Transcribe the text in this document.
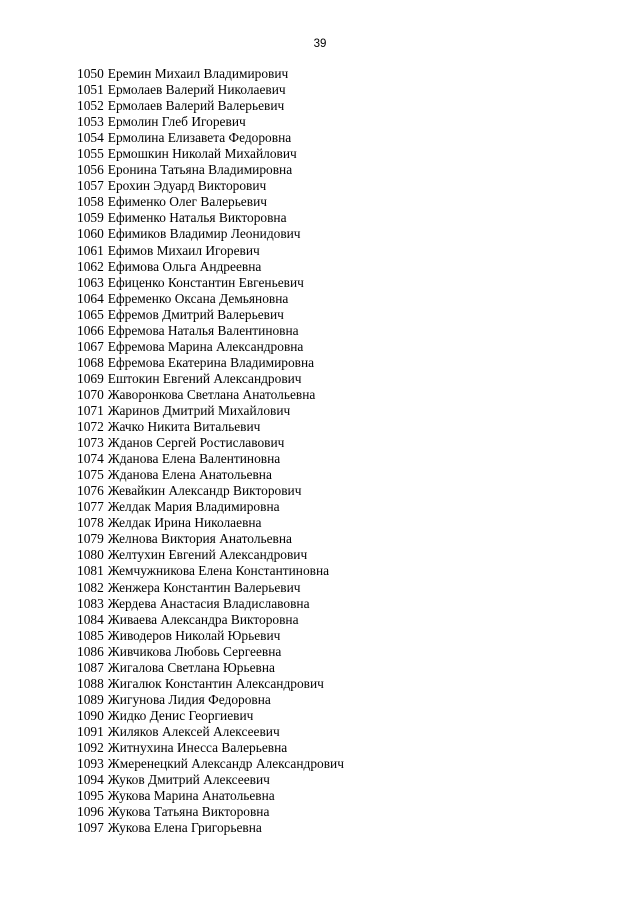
39
1050 Еремин Михаил Владимирович
1051 Ермолаев Валерий Николаевич
1052 Ермолаев Валерий Валерьевич
1053 Ермолин Глеб Игоревич
1054 Ермолина Елизавета Федоровна
1055 Ермошкин Николай Михайлович
1056 Еронина Татьяна Владимировна
1057 Ерохин Эдуард Викторович
1058 Ефименко Олег Валерьевич
1059 Ефименко Наталья Викторовна
1060 Ефимиков Владимир Леонидович
1061 Ефимов Михаил Игоревич
1062 Ефимова Ольга Андреевна
1063 Ефиценко Константин Евгеньевич
1064 Ефременко Оксана Демьяновна
1065 Ефремов Дмитрий Валерьевич
1066 Ефремова Наталья Валентиновна
1067 Ефремова Марина Александровна
1068 Ефремова Екатерина Владимировна
1069 Ештокин Евгений Александрович
1070 Жаворонкова Светлана Анатольевна
1071 Жаринов Дмитрий Михайлович
1072 Жачко Никита Витальевич
1073 Жданов Сергей Ростиславович
1074 Жданова Елена Валентиновна
1075 Жданова Елена Анатольевна
1076 Жевайкин Александр Викторович
1077 Желдак Мария Владимировна
1078 Желдак Ирина Николаевна
1079 Желнова Виктория Анатольевна
1080 Желтухин Евгений Александрович
1081 Жемчужникова Елена Константиновна
1082 Женжера Константин Валерьевич
1083 Жердева Анастасия Владиславовна
1084 Живаева Александра Викторовна
1085 Живодеров Николай Юрьевич
1086 Живчикова Любовь Сергеевна
1087 Жигалова Светлана Юрьевна
1088 Жигалюк Константин Александрович
1089 Жигунова Лидия Федоровна
1090 Жидко Денис Георгиевич
1091 Жиляков Алексей Алексеевич
1092 Житнухина Инесса Валерьевна
1093 Жмеренецкий Александр Александрович
1094 Жуков Дмитрий Алексеевич
1095 Жукова Марина Анатольевна
1096 Жукова Татьяна Викторовна
1097 Жукова Елена Григорьевна
